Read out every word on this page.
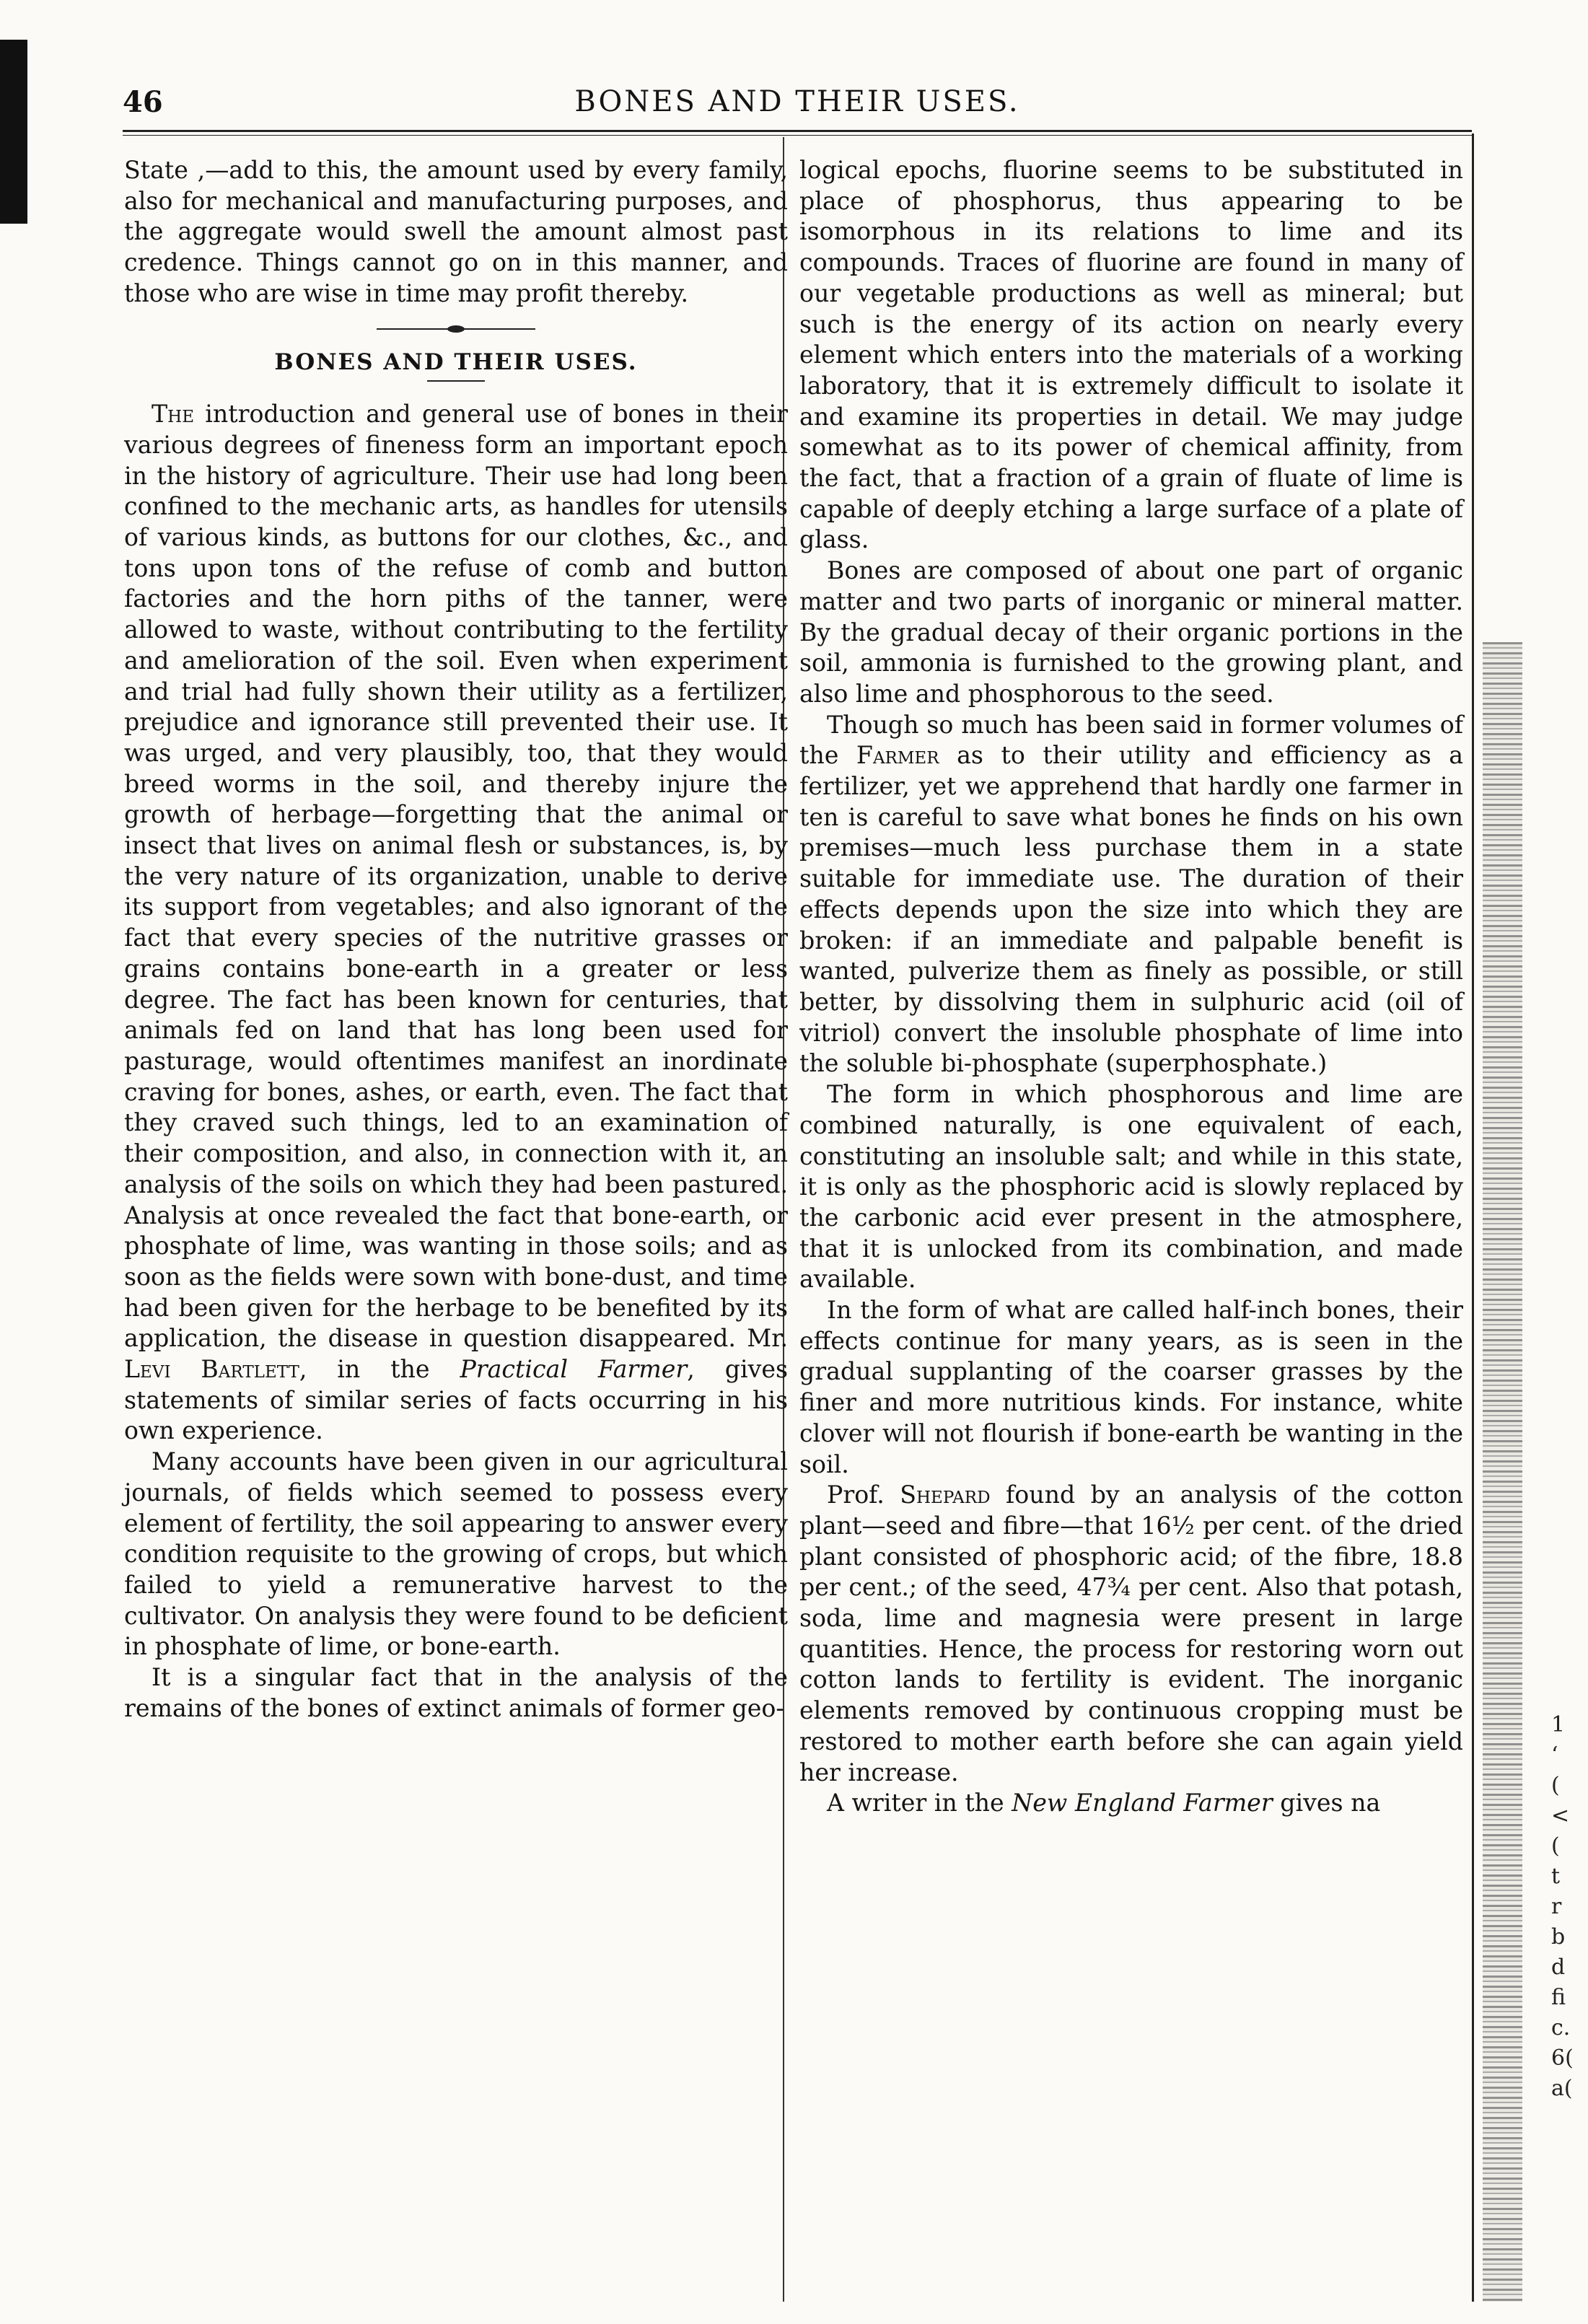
46	BONES AND THEIR USES.

State ,—add to this, the amount used by every family, also for mechanical and manufacturing purposes, and the aggregate would swell the amount almost past credence. Things cannot go on in this manner, and those who are wise in time may profit thereby.

BONES AND THEIR USES.

The introduction and general use of bones in their various degrees of fineness form an important epoch in the history of agriculture. Their use had long been confined to the mechanic arts, as handles for utensils of various kinds, as buttons for our clothes, &c., and tons upon tons of the refuse of comb and button factories and the horn piths of the tanner, were allowed to waste, without contributing to the fertility and amelioration of the soil. Even when experiment and trial had fully shown their utility as a fertilizer, prejudice and ignorance still prevented their use. It was urged, and very plausibly, too, that they would breed worms in the soil, and thereby injure the growth of herbage—forgetting that the animal or insect that lives on animal flesh or substances, is, by the very nature of its organization, unable to derive its support from vegetables; and also ignorant of the fact that every species of the nutritive grasses or grains contains bone-earth in a greater or less degree. The fact has been known for centuries, that animals fed on land that has long been used for pasturage, would oftentimes manifest an inordinate craving for bones, ashes, or earth, even. The fact that they craved such things, led to an examination of their composition, and also, in connection with it, an analysis of the soils on which they had been pastured. Analysis at once revealed the fact that bone-earth, or phosphate of lime, was wanting in those soils; and as soon as the fields were sown with bone-dust, and time had been given for the herbage to be benefited by its application, the disease in question disappeared. Mr. Levi Bartlett, in the Practical Farmer, gives statements of similar series of facts occurring in his own experience.

Many accounts have been given in our agricultural journals, of fields which seemed to possess every element of fertility, the soil appearing to answer every condition requisite to the growing of crops, but which failed to yield a remunerative harvest to the cultivator. On analysis they were found to be deficient in phosphate of lime, or bone-earth.

It is a singular fact that in the analysis of the remains of the bones of extinct animals of former geo-

logical epochs, fluorine seems to be substituted in place of phosphorus, thus appearing to be isomorphous in its relations to lime and its compounds. Traces of fluorine are found in many of our vegetable productions as well as mineral; but such is the energy of its action on nearly every element which enters into the materials of a working laboratory, that it is extremely difficult to isolate it and examine its properties in detail. We may judge somewhat as to its power of chemical affinity, from the fact, that a fraction of a grain of fluate of lime is capable of deeply etching a large surface of a plate of glass.

Bones are composed of about one part of organic matter and two parts of inorganic or mineral matter. By the gradual decay of their organic portions in the soil, ammonia is furnished to the growing plant, and also lime and phosphorous to the seed.

Though so much has been said in former volumes of the Farmer as to their utility and efficiency as a fertilizer, yet we apprehend that hardly one farmer in ten is careful to save what bones he finds on his own premises—much less purchase them in a state suitable for immediate use. The duration of their effects depends upon the size into which they are broken: if an immediate and palpable benefit is wanted, pulverize them as finely as possible, or still better, by dissolving them in sulphuric acid (oil of vitriol) convert the insoluble phosphate of lime into the soluble bi-phosphate (superphosphate.)

The form in which phosphorous and lime are combined naturally, is one equivalent of each, constituting an insoluble salt; and while in this state, it is only as the phosphoric acid is slowly replaced by the carbonic acid ever present in the atmosphere, that it is unlocked from its combination, and made available.

In the form of what are called half-inch bones, their effects continue for many years, as is seen in the gradual supplanting of the coarser grasses by the finer and more nutritious kinds. For instance, white clover will not flourish if bone-earth be wanting in the soil.

Prof. Shepard found by an analysis of the cotton plant—seed and fibre—that 16½ per cent. of the dried plant consisted of phosphoric acid; of the fibre, 18.8 per cent.; of the seed, 47¾ per cent. Also that potash, soda, lime and magnesia were present in large quantities. Hence, the process for restoring worn out cotton lands to fertility is evident. The inorganic elements removed by continuous cropping must be restored to mother earth before she can again yield her increase.

A writer in the New England Farmer gives na

1
‘
(
<
(
t
r
b
d
fi
c.
6(
a(
